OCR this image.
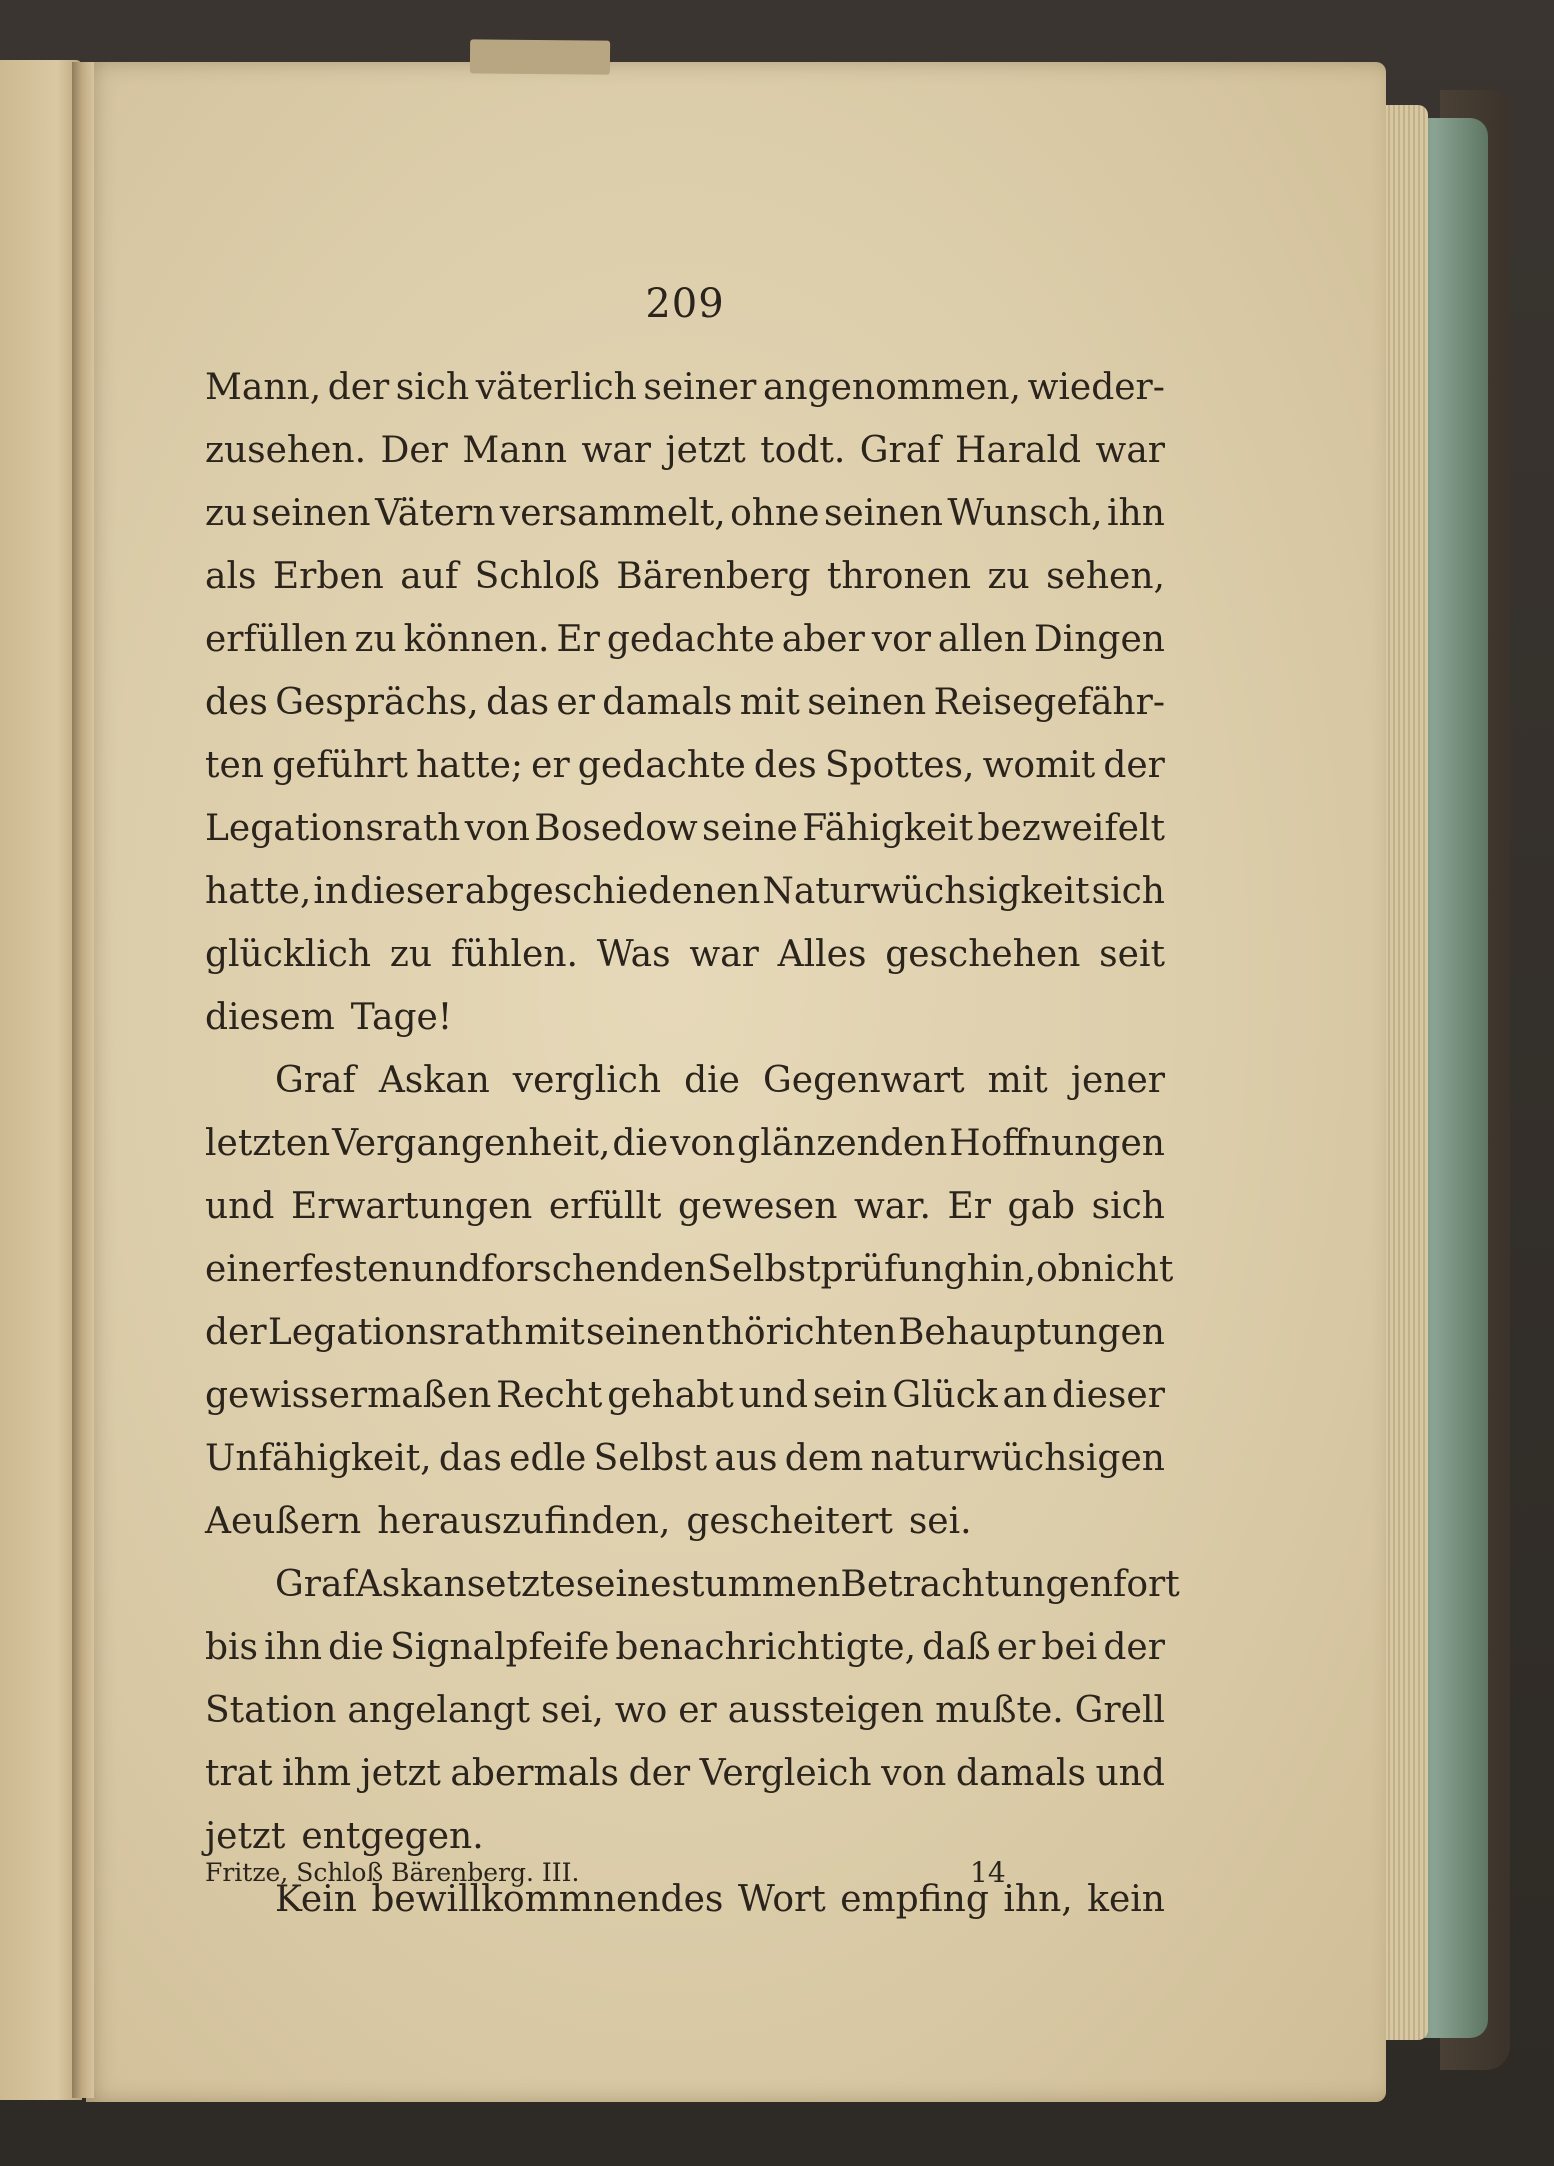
209
Mann, der sich väterlich seiner angenommen, wieder-
zusehen. Der Mann war jetzt todt. Graf Harald war
zu seinen Vätern versammelt, ohne seinen Wunsch, ihn
als Erben auf Schloß Bärenberg thronen zu sehen,
erfüllen zu können. Er gedachte aber vor allen Dingen
des Gesprächs, das er damals mit seinen Reisegefähr-
ten geführt hatte; er gedachte des Spottes, womit der
Legationsrath von Bosedow seine Fähigkeit bezweifelt
hatte, in dieser abgeschiedenen Naturwüchsigkeit sich
glücklich zu fühlen. Was war Alles geschehen seit
diesem Tage!
Graf Askan verglich die Gegenwart mit jener
letzten Vergangenheit, die von glänzenden Hoffnungen
und Erwartungen erfüllt gewesen war. Er gab sich
einer festen und forschenden Selbstprüfung hin, ob nicht
der Legationsrath mit seinen thörichten Behauptungen
gewissermaßen Recht gehabt und sein Glück an dieser
Unfähigkeit, das edle Selbst aus dem naturwüchsigen
Aeußern herauszufinden, gescheitert sei.
Graf Askan setzte seine stummen Betrachtungen fort
bis ihn die Signalpfeife benachrichtigte, daß er bei der
Station angelangt sei, wo er aussteigen mußte. Grell
trat ihm jetzt abermals der Vergleich von damals und
jetzt entgegen.
Kein bewillkommnendes Wort empfing ihn, kein
Fritze, Schloß Bärenberg. III.	14
